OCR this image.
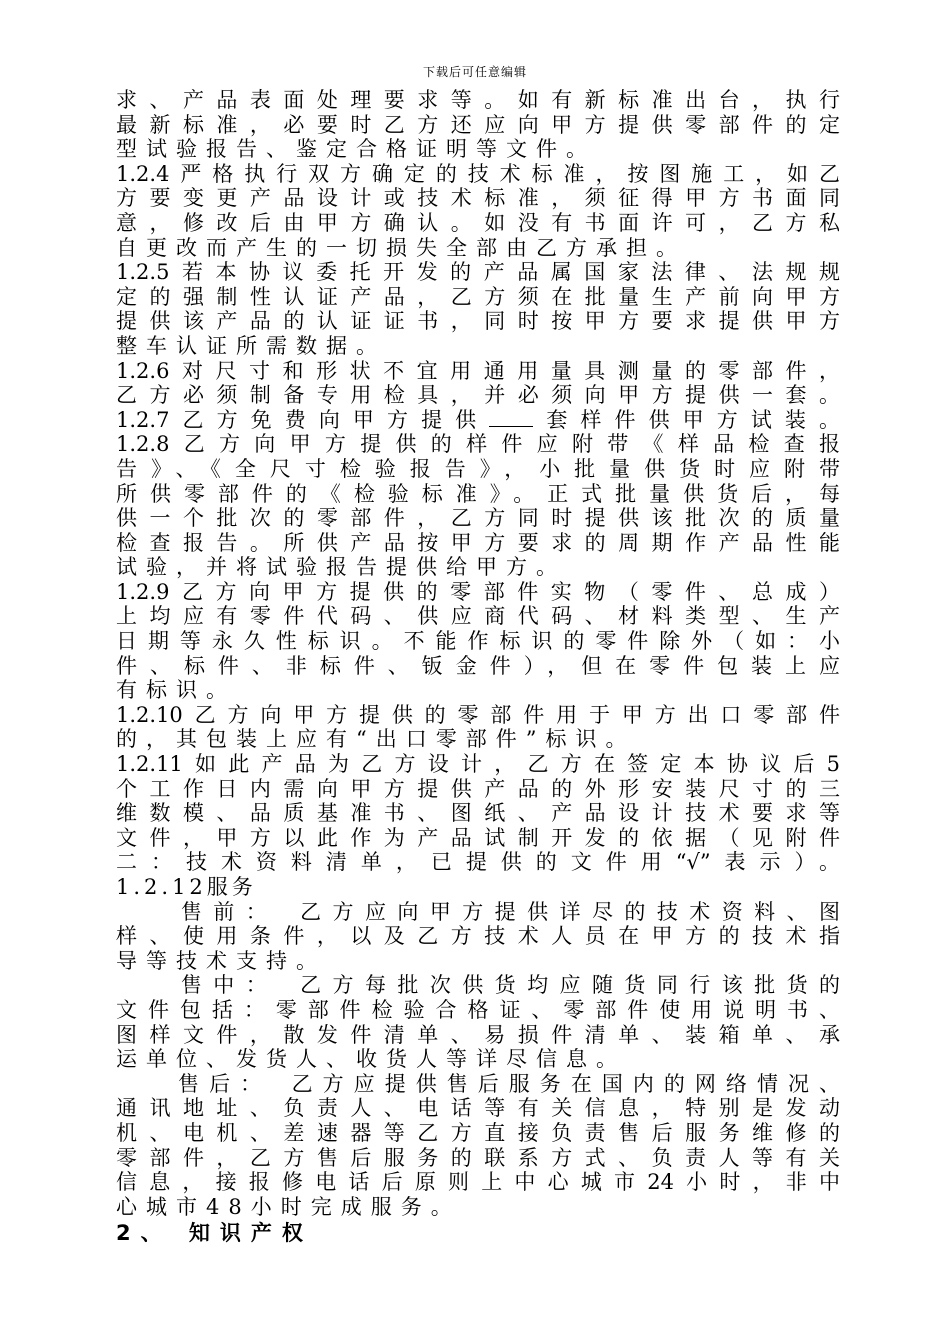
下载后可任意编辑
求、产品表面处理要求等。如有新标准出台，执行
最新标准，必要时乙方还应向甲方提供零部件的定
型试验报告、鉴定合格证明等文件。
1.2.4严格执行双方确定的技术标准，按图施工，如乙
方要变更产品设计或技术标准，须征得甲方书面同
意，修改后由甲方确认。如没有书面许可，乙方私
自更改而产生的一切损失全部由乙方承担。
1.2.5若本协议委托开发的产品属国家法律、法规规
定的强制性认证产品，乙方须在批量生产前向甲方
提供该产品的认证证书，同时按甲方要求提供甲方
整车认证所需数据。
1.2.6对尺寸和形状不宜用通用量具测量的零部件，
乙方必须制备专用检具，并必须向甲方提供一套。
1.2.7乙方免费向甲方提供 套样件供甲方试装。
1.2.8乙方向甲方提供的样件应附带《样品检查报
告》、《全尺寸检验报告》，小批量供货时应附带
所供零部件的《检验标准》。正式批量供货后，每
供一个批次的零部件，乙方同时提供该批次的质量
检查报告。所供产品按甲方要求的周期作产品性能
试验，并将试验报告提供给甲方。
1.2.9乙方向甲方提供的零部件实物（零件、总成）
上均应有零件代码、供应商代码、材料类型、生产
日期等永久性标识。不能作标识的零件除外（如：小
件、标件、非标件、钣金件），但在零件包装上应
有标识。
1.2.10乙方向甲方提供的零部件用于甲方出口零部件
的，其包装上应有“出口零部件”标识。
1.2.11如此产品为乙方设计，乙方在签定本协议后5
个工作日内需向甲方提供产品的外形安装尺寸的三
维数模、品质基准书、图纸、产品设计技术要求等
文件，甲方以此作为产品试制开发的依据（见附件
二：技术资料清单，已提供的文件用“√”表示）。
1.2.12服务
　　售前：　乙方应向甲方提供详尽的技术资料、图
样、使用条件，以及乙方技术人员在甲方的技术指
导等技术支持。
　　售中：　乙方每批次供货均应随货同行该批货的
文件包括：零部件检验合格证、零部件使用说明书、
图样文件，散发件清单、易损件清单、装箱单、承
运单位、发货人、收货人等详尽信息。
　　售后：　乙方应提供售后服务在国内的网络情况、
通讯地址、负责人、电话等有关信息，特别是发动
机、电机、差速器等乙方直接负责售后服务维修的
零部件，乙方售后服务的联系方式、负责人等有关
信息，接报修电话后原则上中心城市24小时，非中
心城市48小时完成服务。
2、 知识产权
